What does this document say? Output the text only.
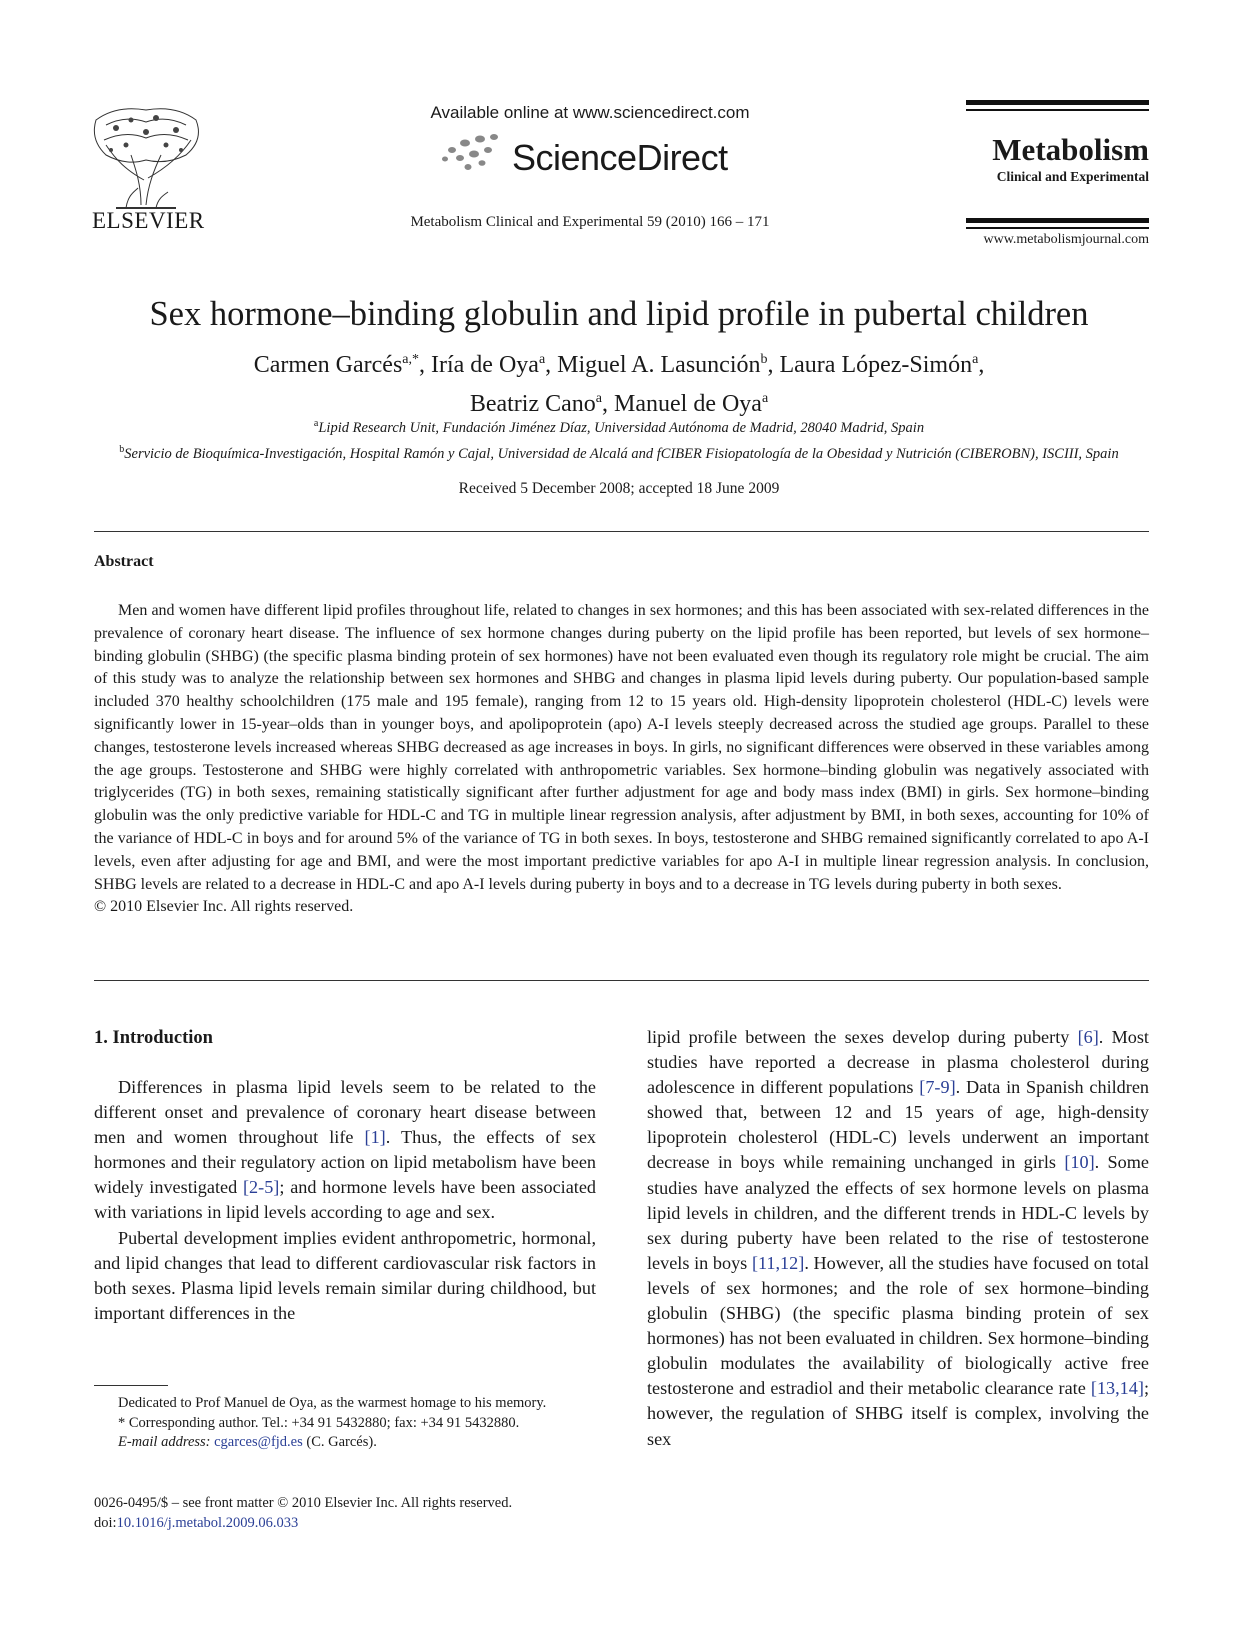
ELSEVIER
Available online at www.sciencedirect.com
ScienceDirect
Metabolism Clinical and Experimental 59 (2010) 166 – 171
Metabolism
Clinical and Experimental
www.metabolismjournal.com
Sex hormone–binding globulin and lipid profile in pubertal children
Carmen Garcés$^{a,*}$, Iría de Oya$^a$, Miguel A. Lasunción$^b$, Laura López-Simón$^a$,
Beatriz Cano$^a$, Manuel de Oya$^a$
$^a$Lipid Research Unit, Fundación Jiménez Díaz, Universidad Autónoma de Madrid, 28040 Madrid, Spain
$^b$Servicio de Bioquímica-Investigación, Hospital Ramón y Cajal, Universidad de Alcalá and fCIBER Fisiopatología de la Obesidad y Nutrición (CIBEROBN), ISCIII, Spain
Received 5 December 2008; accepted 18 June 2009
Abstract

Men and women have different lipid profiles throughout life, related to changes in sex hormones; and this has been associated with sex-related differences in the prevalence of coronary heart disease. The influence of sex hormone changes during puberty on the lipid profile has been reported, but levels of sex hormone–binding globulin (SHBG) (the specific plasma binding protein of sex hormones) have not been evaluated even though its regulatory role might be crucial. The aim of this study was to analyze the relationship between sex hormones and SHBG and changes in plasma lipid levels during puberty. Our population-based sample included 370 healthy schoolchildren (175 male and 195 female), ranging from 12 to 15 years old. High-density lipoprotein cholesterol (HDL-C) levels were significantly lower in 15-year–olds than in younger boys, and apolipoprotein (apo) A-I levels steeply decreased across the studied age groups. Parallel to these changes, testosterone levels increased whereas SHBG decreased as age increases in boys. In girls, no significant differences were observed in these variables among the age groups. Testosterone and SHBG were highly correlated with anthropometric variables. Sex hormone–binding globulin was negatively associated with triglycerides (TG) in both sexes, remaining statistically significant after further adjustment for age and body mass index (BMI) in girls. Sex hormone–binding globulin was the only predictive variable for HDL-C and TG in multiple linear regression analysis, after adjustment by BMI, in both sexes, accounting for 10% of the variance of HDL-C in boys and for around 5% of the variance of TG in both sexes. In boys, testosterone and SHBG remained significantly correlated to apo A-I levels, even after adjusting for age and BMI, and were the most important predictive variables for apo A-I in multiple linear regression analysis. In conclusion, SHBG levels are related to a decrease in HDL-C and apo A-I levels during puberty in boys and to a decrease in TG levels during puberty in both sexes.

© 2010 Elsevier Inc. All rights reserved.
1. Introduction

Differences in plasma lipid levels seem to be related to the different onset and prevalence of coronary heart disease between men and women throughout life [1]. Thus, the effects of sex hormones and their regulatory action on lipid metabolism have been widely investigated [2-5]; and hormone levels have been associated with variations in lipid levels according to age and sex.

Pubertal development implies evident anthropometric, hormonal, and lipid changes that lead to different cardiovascular risk factors in both sexes. Plasma lipid levels remain similar during childhood, but important differences in the

Dedicated to Prof Manuel de Oya, as the warmest homage to his memory.

* Corresponding author. Tel.: +34 91 5432880; fax: +34 91 5432880.

E-mail address: cgarces@fjd.es (C. Garcés).

0026-0495/$ – see front matter © 2010 Elsevier Inc. All rights reserved.

doi:10.1016/j.metabol.2009.06.033

lipid profile between the sexes develop during puberty [6]. Most studies have reported a decrease in plasma cholesterol during adolescence in different populations [7-9]. Data in Spanish children showed that, between 12 and 15 years of age, high-density lipoprotein cholesterol (HDL-C) levels underwent an important decrease in boys while remaining unchanged in girls [10]. Some studies have analyzed the effects of sex hormone levels on plasma lipid levels in children, and the different trends in HDL-C levels by sex during puberty have been related to the rise of testosterone levels in boys [11,12]. However, all the studies have focused on total levels of sex hormones; and the role of sex hormone–binding globulin (SHBG) (the specific plasma binding protein of sex hormones) has not been evaluated in children. Sex hormone–binding globulin modulates the availability of biologically active free testosterone and estradiol and their metabolic clearance rate [13,14]; however, the regulation of SHBG itself is complex, involving the sex
